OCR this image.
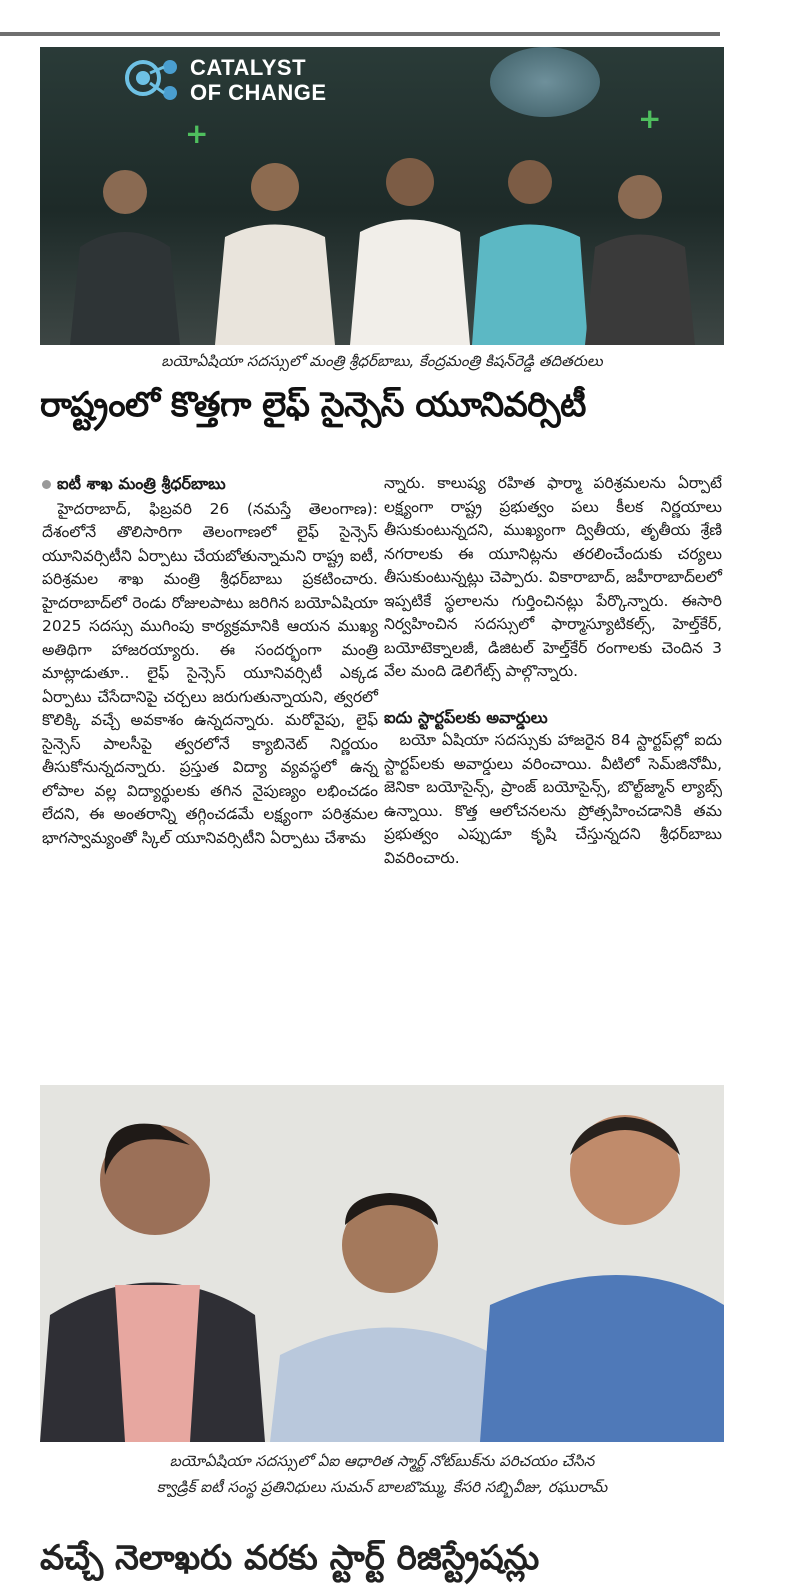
CATALYST
OF CHANGE
+	+
బయోఏషియా సదస్సులో మంత్రి శ్రీధర్‌బాబు, కేంద్రమంత్రి కిషన్‌రెడ్డి తదితరులు
రాష్ట్రంలో కొత్తగా లైఫ్ సైన్సెస్ యూనివర్సిటీ
ఐటీ శాఖ మంత్రి శ్రీధర్‌బాబు

హైదరాబాద్, ఫిబ్రవరి 26 (నమస్తే తెలంగాణ): దేశంలోనే తొలిసారిగా తెలంగాణలో లైఫ్ సైన్సెస్ యూనివర్సిటీని ఏర్పాటు చేయబోతున్నామని రాష్ట్ర ఐటీ, పరిశ్రమల శాఖ మంత్రి శ్రీధర్‌బాబు ప్రకటించారు. హైదరాబాద్‌లో రెండు రోజులపాటు జరిగిన బయోఏషియా 2025 సదస్సు ముగింపు కార్యక్రమానికి ఆయన ముఖ్య అతిథిగా హాజరయ్యారు. ఈ సందర్భంగా మంత్రి మాట్లాడుతూ.. లైఫ్ సైన్సెస్ యూనివర్సిటీ ఎక్కడ ఏర్పాటు చేసేదానిపై చర్చలు జరుగుతున్నాయని, త్వరలో కొలిక్కి వచ్చే అవకాశం ఉన్నదన్నారు. మరోవైపు, లైఫ్ సైన్సెస్ పాలసీపై త్వరలోనే క్యాబినెట్ నిర్ణయం తీసుకోనున్నదన్నారు. ప్రస్తుత విద్యా వ్యవస్థలో ఉన్న లోపాల వల్ల విద్యార్థులకు తగిన నైపుణ్యం లభించడం లేదని, ఈ అంతరాన్ని తగ్గించడమే లక్ష్యంగా పరిశ్రమల భాగస్వామ్యంతో స్కిల్ యూనివర్సిటీని ఏర్పాటు చేశామ

న్నారు. కాలుష్య రహిత ఫార్మా పరిశ్రమలను ఏర్పాటే లక్ష్యంగా రాష్ట్ర ప్రభుత్వం పలు కీలక నిర్ణయాలు తీసుకుంటున్నదని, ముఖ్యంగా ద్వితీయ, తృతీయ శ్రేణి నగరాలకు ఈ యూనిట్లను తరలించేందుకు చర్యలు తీసుకుంటున్నట్లు చెప్పారు. వికారాబాద్, జహీరాబాద్‌లలో ఇప్పటికే స్థలాలను గుర్తించినట్లు పేర్కొన్నారు. ఈసారి నిర్వహించిన సదస్సులో ఫార్మాస్యూటికల్స్, హెల్త్‌కేర్, బయోటెక్నాలజీ, డిజిటల్ హెల్త్‌కేర్ రంగాలకు చెందిన 3 వేల మంది డెలిగేట్స్ పాల్గొన్నారు.

ఐదు స్టార్టప్‌లకు అవార్డులు

బయో ఏషియా సదస్సుకు హాజరైన 84 స్టార్టప్‌ల్లో ఐదు స్టార్టప్‌లకు అవార్డులు వరించాయి. వీటిలో సెమ్‌జినోమీ, జెనికా బయోసైన్స్, ప్రాంజ్ బయోసైన్స్, బొల్ట్‌జ్మాన్ ల్యాబ్స్ ఉన్నాయి. కొత్త ఆలోచనలను ప్రోత్సహించడానికి తమ ప్రభుత్వం ఎప్పుడూ కృషి చేస్తున్నదని శ్రీధర్‌బాబు వివరించారు.

బయోఏషియా సదస్సులో ఏఐ ఆధారిత స్మార్ట్ నోట్‌బుక్‌ను పరిచయం చేసిన
క్వాడ్రిక్ ఐటీ సంస్థ ప్రతినిధులు సుమన్ బాలబొమ్ము, కేసరి సబ్బివీజు, రఘురామ్
వచ్చే నెలాఖరు వరకు స్టార్ట్ రిజిస్ట్రేషన్లు
